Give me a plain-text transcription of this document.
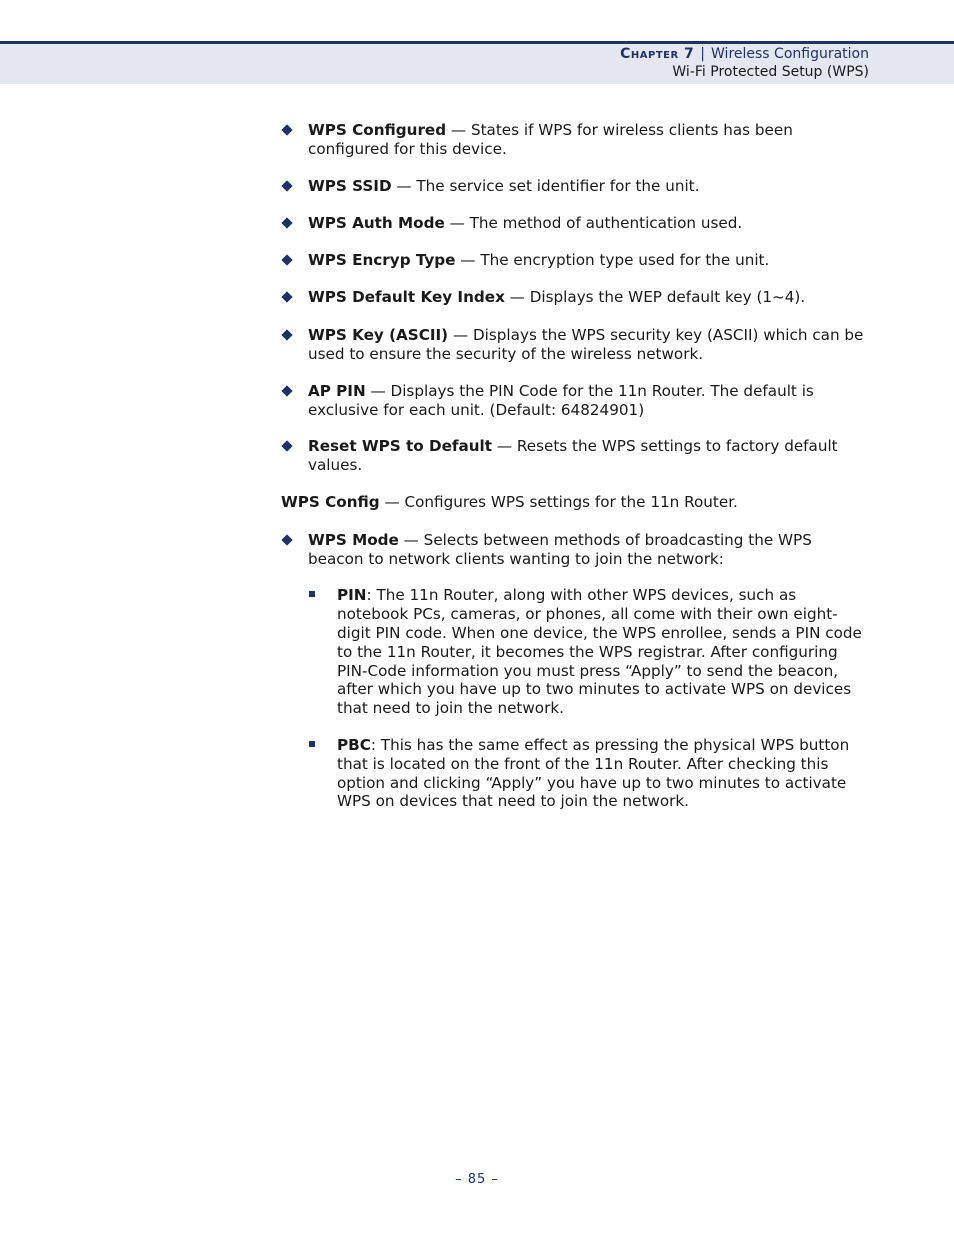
Chapter 7 | Wireless Configuration
Wi-Fi Protected Setup (WPS)
WPS Configured — States if WPS for wireless clients has been configured for this device.
WPS SSID — The service set identifier for the unit.
WPS Auth Mode — The method of authentication used.
WPS Encryp Type — The encryption type used for the unit.
WPS Default Key Index — Displays the WEP default key (1~4).
WPS Key (ASCII) — Displays the WPS security key (ASCII) which can be used to ensure the security of the wireless network.
AP PIN — Displays the PIN Code for the 11n Router. The default is exclusive for each unit. (Default: 64824901)
Reset WPS to Default — Resets the WPS settings to factory default values.
WPS Config — Configures WPS settings for the 11n Router.
WPS Mode — Selects between methods of broadcasting the WPS beacon to network clients wanting to join the network:
PIN: The 11n Router, along with other WPS devices, such as notebook PCs, cameras, or phones, all come with their own eight-digit PIN code. When one device, the WPS enrollee, sends a PIN code to the 11n Router, it becomes the WPS registrar. After configuring PIN-Code information you must press “Apply” to send the beacon, after which you have up to two minutes to activate WPS on devices that need to join the network.
PBC: This has the same effect as pressing the physical WPS button that is located on the front of the 11n Router. After checking this option and clicking “Apply” you have up to two minutes to activate WPS on devices that need to join the network.
– 85 –
